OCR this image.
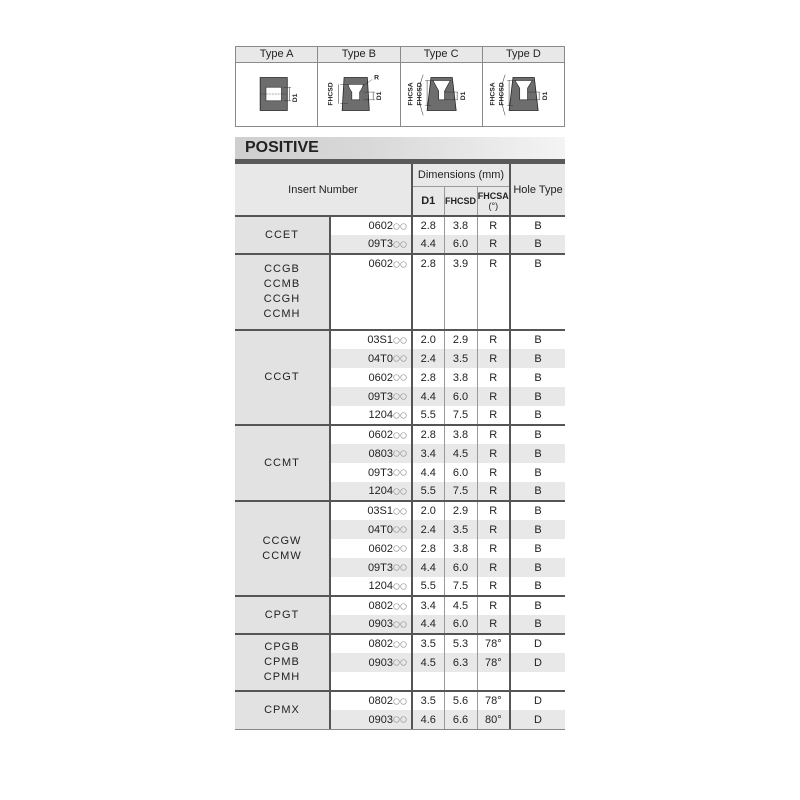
Type A
D1
Type B
FHCSD	D1
R
Type C
FHCSA FHCSD	D1
Type D
FHCSA FHCSD	D1
POSITIVE
Insert Number		Dimensions (mm)			Hole Type
		D1	FHCSD	FHCSA
(°)	

CCET	0602	2.8	3.8	R	B
	09T3	4.4	6.0	R	B

CCGB
CCMB
CCGH
CCMH	0602	2.8	3.9	R	B

CCGT	03S1	2.0	2.9	R	B
	04T0	2.4	3.5	R	B
	0602	2.8	3.8	R	B
	09T3	4.4	6.0	R	B
	1204	5.5	7.5	R	B

CCMT	0602	2.8	3.8	R	B
	0803	3.4	4.5	R	B
	09T3	4.4	6.0	R	B
	1204	5.5	7.5	R	B

CCGW
CCMW	03S1	2.0	2.9	R	B
	04T0	2.4	3.5	R	B
	0602	2.8	3.8	R	B
	09T3	4.4	6.0	R	B
	1204	5.5	7.5	R	B

CPGT	0802	3.4	4.5	R	B
	0903	4.4	6.0	R	B

CPGB
CPMB
CPMH	0802	3.5	5.3	78°	D
	0903	4.5	6.3	78°	D

CPMX	0802	3.5	5.6	78°	D
	0903	4.6	6.6	80°	D
